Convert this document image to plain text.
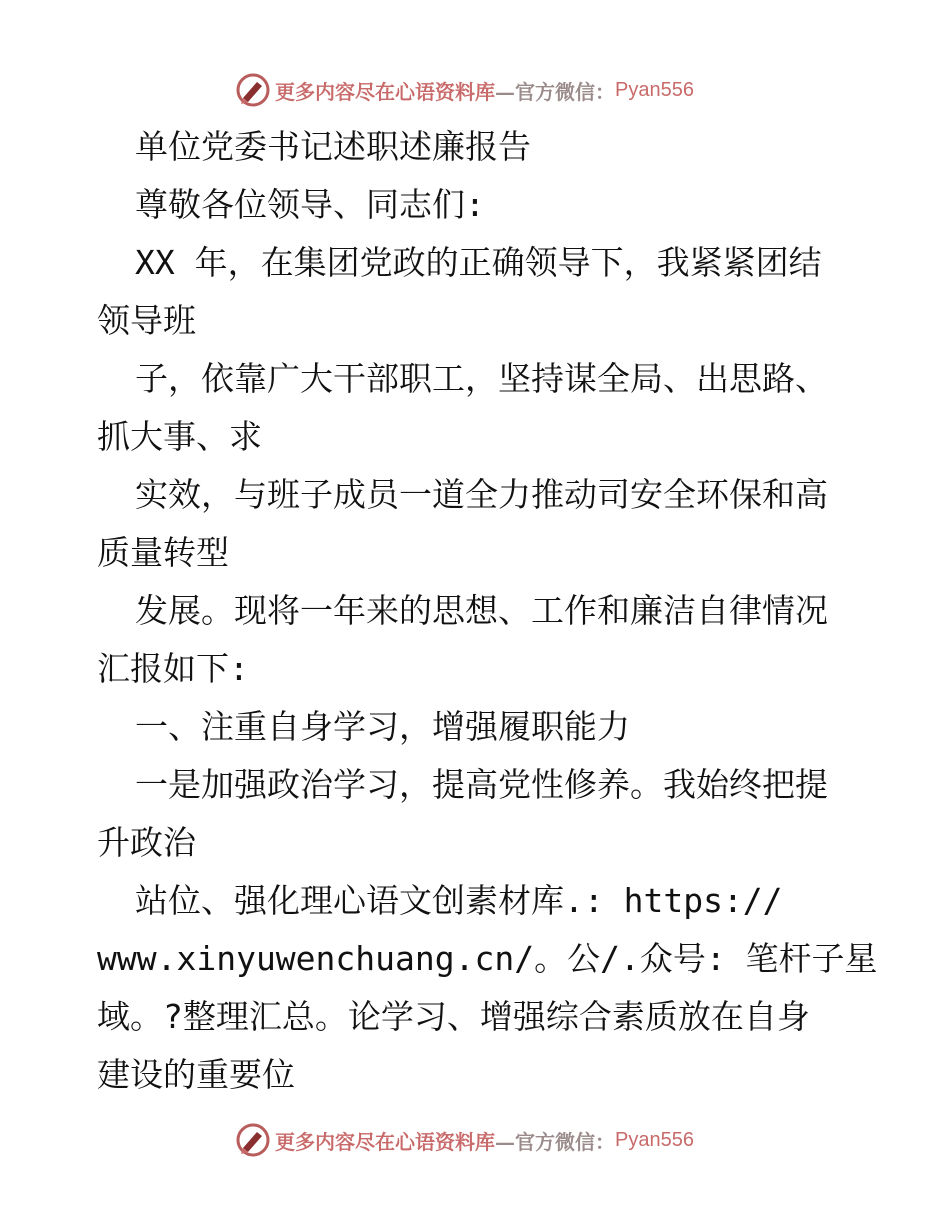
更多内容尽在心语资料库 —官方微信： Pyan556
单位党委书记述职述廉报告
尊敬各位领导、同志们:
XX 年，在集团党政的正确领导下，我紧紧团结
领导班
子，依靠广大干部职工，坚持谋全局、出思路、
抓大事、求
实效，与班子成员一道全力推动司安全环保和高
质量转型
发展。现将一年来的思想、工作和廉洁自律情况
汇报如下:
一、注重自身学习，增强履职能力
一是加强政治学习，提高党性修养。我始终把提
升政治
站位、强化理心语文创素材库.: https://
www.xinyuwenchuang.cn/。公/.众号: 笔杆子星
域。?整理汇总。论学习、增强综合素质放在自身
建设的重要位
更多内容尽在心语资料库 —官方微信： Pyan556
